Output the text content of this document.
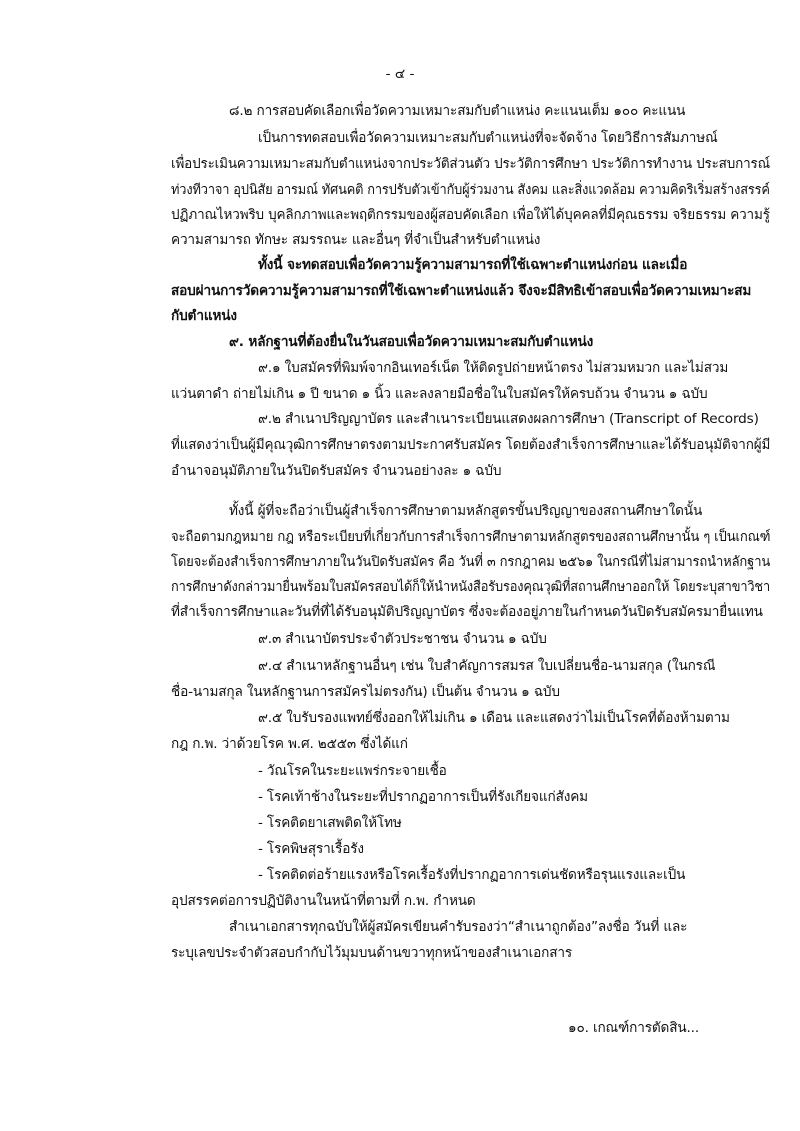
- ๔ -
๘.๒ การสอบคัดเลือกเพื่อวัดความเหมาะสมกับตำแหน่ง คะแนนเต็ม ๑๐๐ คะแนน
เป็นการทดสอบเพื่อวัดความเหมาะสมกับตำแหน่งที่จะจัดจ้าง โดยวิธีการสัมภาษณ์
เพื่อประเมินความเหมาะสมกับตำแหน่งจากประวัติส่วนตัว ประวัติการศึกษา ประวัติการทำงาน ประสบการณ์
ท่วงทีวาจา อุปนิสัย อารมณ์ ทัศนคติ การปรับตัวเข้ากับผู้ร่วมงาน สังคม และสิ่งแวดล้อม ความคิดริเริ่มสร้างสรรค์
ปฏิภาณไหวพริบ บุคลิกภาพและพฤติกรรมของผู้สอบคัดเลือก เพื่อให้ได้บุคคลที่มีคุณธรรม จริยธรรม ความรู้
ความสามารถ ทักษะ สมรรถนะ และอื่นๆ ที่จำเป็นสำหรับตำแหน่ง
ทั้งนี้ จะทดสอบเพื่อวัดความรู้ความสามารถที่ใช้เฉพาะตำแหน่งก่อน และเมื่อ
สอบผ่านการวัดความรู้ความสามารถที่ใช้เฉพาะตำแหน่งแล้ว จึงจะมีสิทธิเข้าสอบเพื่อวัดความเหมาะสม
กับตำแหน่ง
๙. หลักฐานที่ต้องยื่นในวันสอบเพื่อวัดความเหมาะสมกับตำแหน่ง
๙.๑ ใบสมัครที่พิมพ์จากอินเทอร์เน็ต ให้ติดรูปถ่ายหน้าตรง ไม่สวมหมวก และไม่สวม
แว่นตาดำ ถ่ายไม่เกิน ๑ ปี ขนาด ๑ นิ้ว และลงลายมือชื่อในใบสมัครให้ครบถ้วน จำนวน ๑ ฉบับ
๙.๒ สำเนาปริญญาบัตร และสำเนาระเบียนแสดงผลการศึกษา (Transcript of Records)
ที่แสดงว่าเป็นผู้มีคุณวุฒิการศึกษาตรงตามประกาศรับสมัคร โดยต้องสำเร็จการศึกษาและได้รับอนุมัติจากผู้มี
อำนาจอนุมัติภายในวันปิดรับสมัคร จำนวนอย่างละ ๑ ฉบับ
ทั้งนี้ ผู้ที่จะถือว่าเป็นผู้สำเร็จการศึกษาตามหลักสูตรขั้นปริญญาของสถานศึกษาใดนั้น
จะถือตามกฎหมาย กฎ หรือระเบียบที่เกี่ยวกับการสำเร็จการศึกษาตามหลักสูตรของสถานศึกษานั้น ๆ เป็นเกณฑ์
โดยจะต้องสำเร็จการศึกษาภายในวันปิดรับสมัคร คือ วันที่ ๓ กรกฎาคม ๒๕๖๑ ในกรณีที่ไม่สามารถนำหลักฐาน
การศึกษาดังกล่าวมายื่นพร้อมใบสมัครสอบได้ก็ให้นำหนังสือรับรองคุณวุฒิที่สถานศึกษาออกให้ โดยระบุสาขาวิชา
ที่สำเร็จการศึกษาและวันที่ที่ได้รับอนุมัติปริญญาบัตร ซึ่งจะต้องอยู่ภายในกำหนดวันปิดรับสมัครมายื่นแทน
๙.๓ สำเนาบัตรประจำตัวประชาชน จำนวน ๑ ฉบับ
๙.๔ สำเนาหลักฐานอื่นๆ เช่น ใบสำคัญการสมรส ใบเปลี่ยนชื่อ-นามสกุล (ในกรณี
ชื่อ-นามสกุล ในหลักฐานการสมัครไม่ตรงกัน) เป็นต้น จำนวน ๑ ฉบับ
๙.๕ ใบรับรองแพทย์ซึ่งออกให้ไม่เกิน ๑ เดือน และแสดงว่าไม่เป็นโรคที่ต้องห้ามตาม
กฎ ก.พ. ว่าด้วยโรค พ.ศ. ๒๕๕๓ ซึ่งได้แก่
- วัณโรคในระยะแพร่กระจายเชื้อ
- โรคเท้าช้างในระยะที่ปรากฏอาการเป็นที่รังเกียจแก่สังคม
- โรคติดยาเสพติดให้โทษ
- โรคพิษสุราเรื้อรัง
- โรคติดต่อร้ายแรงหรือโรคเรื้อรังที่ปรากฏอาการเด่นชัดหรือรุนแรงและเป็น
อุปสรรคต่อการปฏิบัติงานในหน้าที่ตามที่ ก.พ. กำหนด
สำเนาเอกสารทุกฉบับให้ผู้สมัครเขียนคำรับรองว่า“สำเนาถูกต้อง”ลงชื่อ วันที่ และ
ระบุเลขประจำตัวสอบกำกับไว้มุมบนด้านขวาทุกหน้าของสำเนาเอกสาร
๑๐. เกณฑ์การตัดสิน...
